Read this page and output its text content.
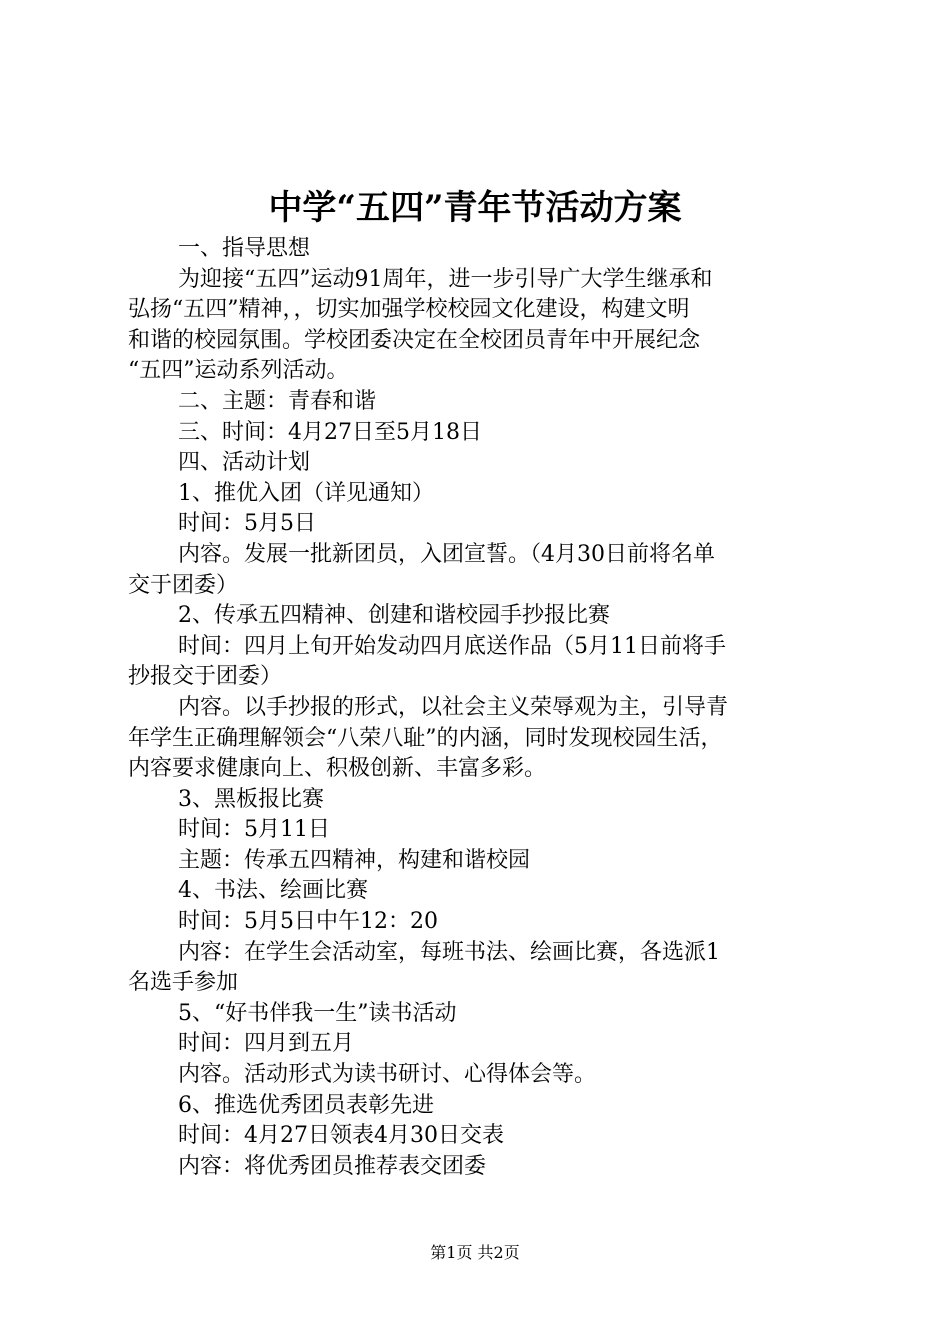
中学“五四”青年节活动方案

一、指导思想

为迎接“五四”运动91周年，进一步引导广大学生继承和

弘扬“五四”精神，，切实加强学校校园文化建设，构建文明

和谐的校园氛围。学校团委决定在全校团员青年中开展纪念

“五四”运动系列活动。

二、主题：青春和谐

三、时间：4月27日至5月18日

四、活动计划

1、推优入团（详见通知）

时间：5月5日

内容。发展一批新团员，入团宣誓。（4月30日前将名单

交于团委）

2、传承五四精神、创建和谐校园手抄报比赛

时间：四月上旬开始发动四月底送作品（5月11日前将手

抄报交于团委）

内容。以手抄报的形式，以社会主义荣辱观为主，引导青

年学生正确理解领会“八荣八耻”的内涵，同时发现校园生活，

内容要求健康向上、积极创新、丰富多彩。

3、黑板报比赛

时间：5月11日

主题：传承五四精神，构建和谐校园

4、书法、绘画比赛

时间：5月5日中午12：20

内容：在学生会活动室，每班书法、绘画比赛，各选派1

名选手参加

5、“好书伴我一生”读书活动

时间：四月到五月

内容。活动形式为读书研讨、心得体会等。

6、推选优秀团员表彰先进

时间：4月27日领表4月30日交表

内容：将优秀团员推荐表交团委

第1页 共2页
